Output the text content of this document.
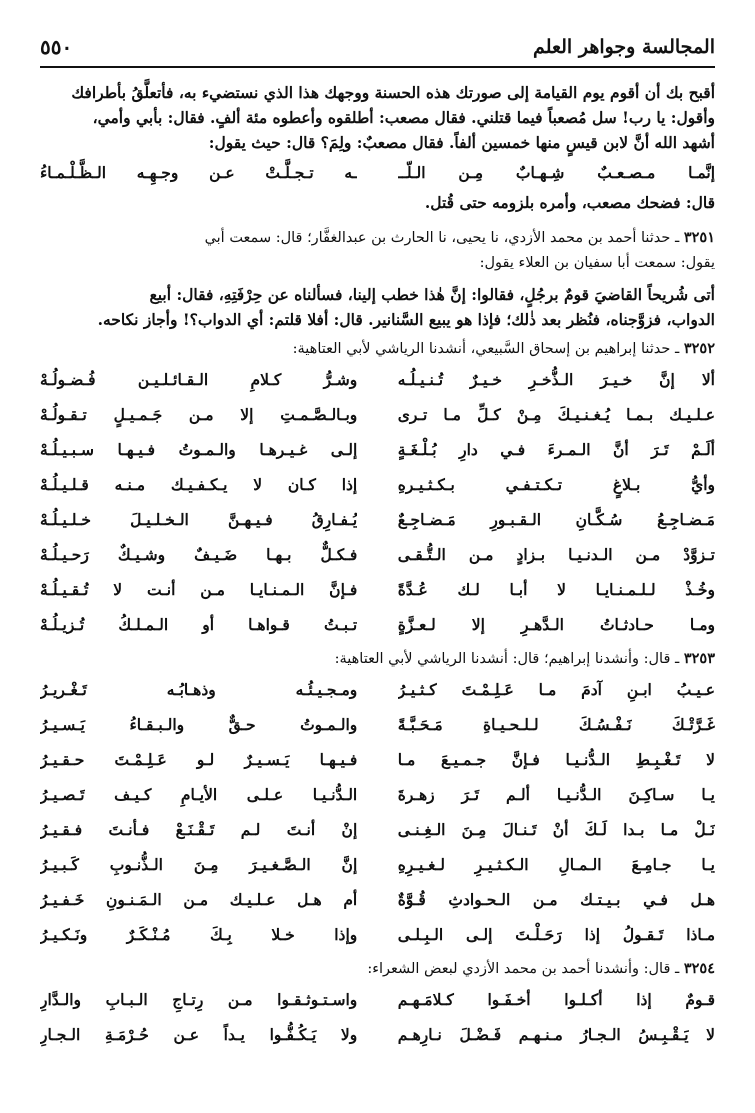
المجالسة وجواهر العلم
٥٥٠

أقبح بك أن أقوم يوم القيامة إلى صورتك هذه الحسنة ووجهك هذا الذي نستضيء به، فأتعلَّقُ بأطرافك

وأقول: يا رب! سل مُصعباً فيما قتلني. فقال مصعب: أطلقوه وأعطوه مئة ألفٍ. فقال: بأبي وأمي،

أشهد الله أنَّ لابن قيسٍ منها خمسين ألفاً. فقال مصعبٌ: ولِمَ؟ قال: حيث يقول:

إنَّمـا مـصـعـبٌ شِـهـابٌ مِـن الـلّــ
ـه تـجـلَّـتْ عـن وجـهِـه الـظَّـلْـمـاءُ

قال: فضحك مصعب، وأمره بلزومه حتى قُتل.

٣٢٥١ ـ حدثنا أحمد بن محمد الأزدي، نا يحيى، نا الحارث بن عبدالغفَّار؛ قال: سمعت أبي

يقول: سمعت أبا سفيان بن العلاء يقول:

أتى شُريحاً القاضيَ قومٌ برجُلٍ، فقالوا: إنَّ هٰذا خطب إلينا، فسألناه عن حِرْفَتِهِ، فقال: أبيع

الدواب، فزوَّجناه، فنُظر بعد ذٰلك؛ فإذا هو يبيع السَّنانير. قال: أفلا قلتم: أي الدواب؟! وأجاز نكاحه.

٣٢٥٢ ـ حدثنا إبراهيم بن إسحاق السَّبيعي، أنشدنا الرياشي لأبي العتاهية:

ألا إنَّ خـيـرَ الـذُّخـرِ خـيـرٌ تُـنـيـلُـه
وشـرُّ كـلامِ الـقـائـلـيـن فُـضـولُـهْ
عـلـيـك بـمـا يُـغـنـيـكَ مِـنْ كـلِّ مـا تـرى
وبـالـصَّـمـتِ إلا مـن جَـمـيـلٍ تـقـولُـهْ
ألَـمْ تَـرَ أنَّ الـمـرءَ فـي دارِ بُـلْـغَـةٍ
إلـى غـيـرهـا والـمـوتُ فـيـهـا سـبـيـلُـهْ
وأيُّ بـلاغٍ تـكـتـفـي بـكـثـيـرهِ
إذا كـان لا يـكـفـيـك مـنـه قـلـيـلُـهْ
مَـضـاجِـعُ سُـكَّـانِ الـقـبـورِ مَـضـاجِـعٌ
يُـفـارِقُ فـيـهـنَّ الـخـلـيـلَ خـلـيـلُـهْ
تـزوَّدْ مـن الـدنـيـا بـزادٍ مـن الـتُّـقـى
فـكـلٌّ بـهـا ضَـيـفٌ وشـيـكٌ رَحـيـلُـهْ
وخُـذْ لـلـمـنـايـا لا أبـا لـك عُـدَّةً
فـإنَّ الـمـنـايـا مـن أنـت لا تُـقـيـلُـهْ
ومـا حـادثـاتُ الـدَّهـرِ إلا لـعـزَّةٍ
تـبـتُ قـواهـا أو الـمـلـكُ تُـزيـلُـهْ

٣٢٥٣ ـ قال: وأنشدنا إبراهيم؛ قال: أنشدنا الرياشي لأبي العتاهية:

عـيـبُ ابـنِ آدمَ مـا عَـلِـمْـتَ كـثـيـرُ
ومـجـيـئُـه وذهـابُـه تَـغْـريـرُ
غَـرَّتْـكَ نَـفْـسُـكَ لـلـحـيـاةِ مَـحَـبَّـةً
والـمـوتُ حـقٌّ والـبـقـاءُ يَـسـيـرُ
لا تَـغْـبِـطِ الـدُّنـيـا فـإنَّ جـمـيـعَ مـا
فـيـهـا يَـسـيـرٌ لـو عَـلِـمْـتَ حـقـيـرُ
يـا سـاكِـنَ الـدُّنـيـا ألـم تَـرَ زهـرةَ
الـدُّنـيـا عـلـى الأيـامِ كـيـف تَـصـيـرُ
نَـلْ مـا بـدا لَـكَ أنْ تَـنـالَ مِـنَ الـغِـنـى
إنْ أنـتَ لـم تَـقْـنَـعْ فـأنـتَ فـقـيـرُ
يـا جـامِـعَ الـمـالِ الـكـثـيـرِ لـغـيـرِهِ
إنَّ الـصَّـغـيـرَ مِـنَ الـذُّنـوبِ كَـبـيـرُ
هـل فـي بـيـتـك مـن الـحـوادثِ قُـوَّةٌ
أم هـل عـلـيـك مـن الـمَـنـونِ خَـفـيـرُ
مـاذا تَـقـولُ إذا رَحَـلْـتَ إلـى الـبِـلـى
وإذا خـلا بِـكَ مُـنْـكَـرٌ ونَـكـيـرُ

٣٢٥٤ ـ قال: وأنشدنا أحمد بن محمد الأزدي لبعض الشعراء:

قـومٌ إذا أكـلـوا أخـفَـوا كـلامَـهـم
واسـتـوثـقـوا مـن رِتـاجِ الـبـابِ والـدَّارِ
لا يَـقْـبِـسُ الـجـارُ مـنـهـم فَـضْـلَ نـارِهـم
ولا يَـكُـفُّـوا يـداً عـن حُـرْمَـةِ الـجـارِ
